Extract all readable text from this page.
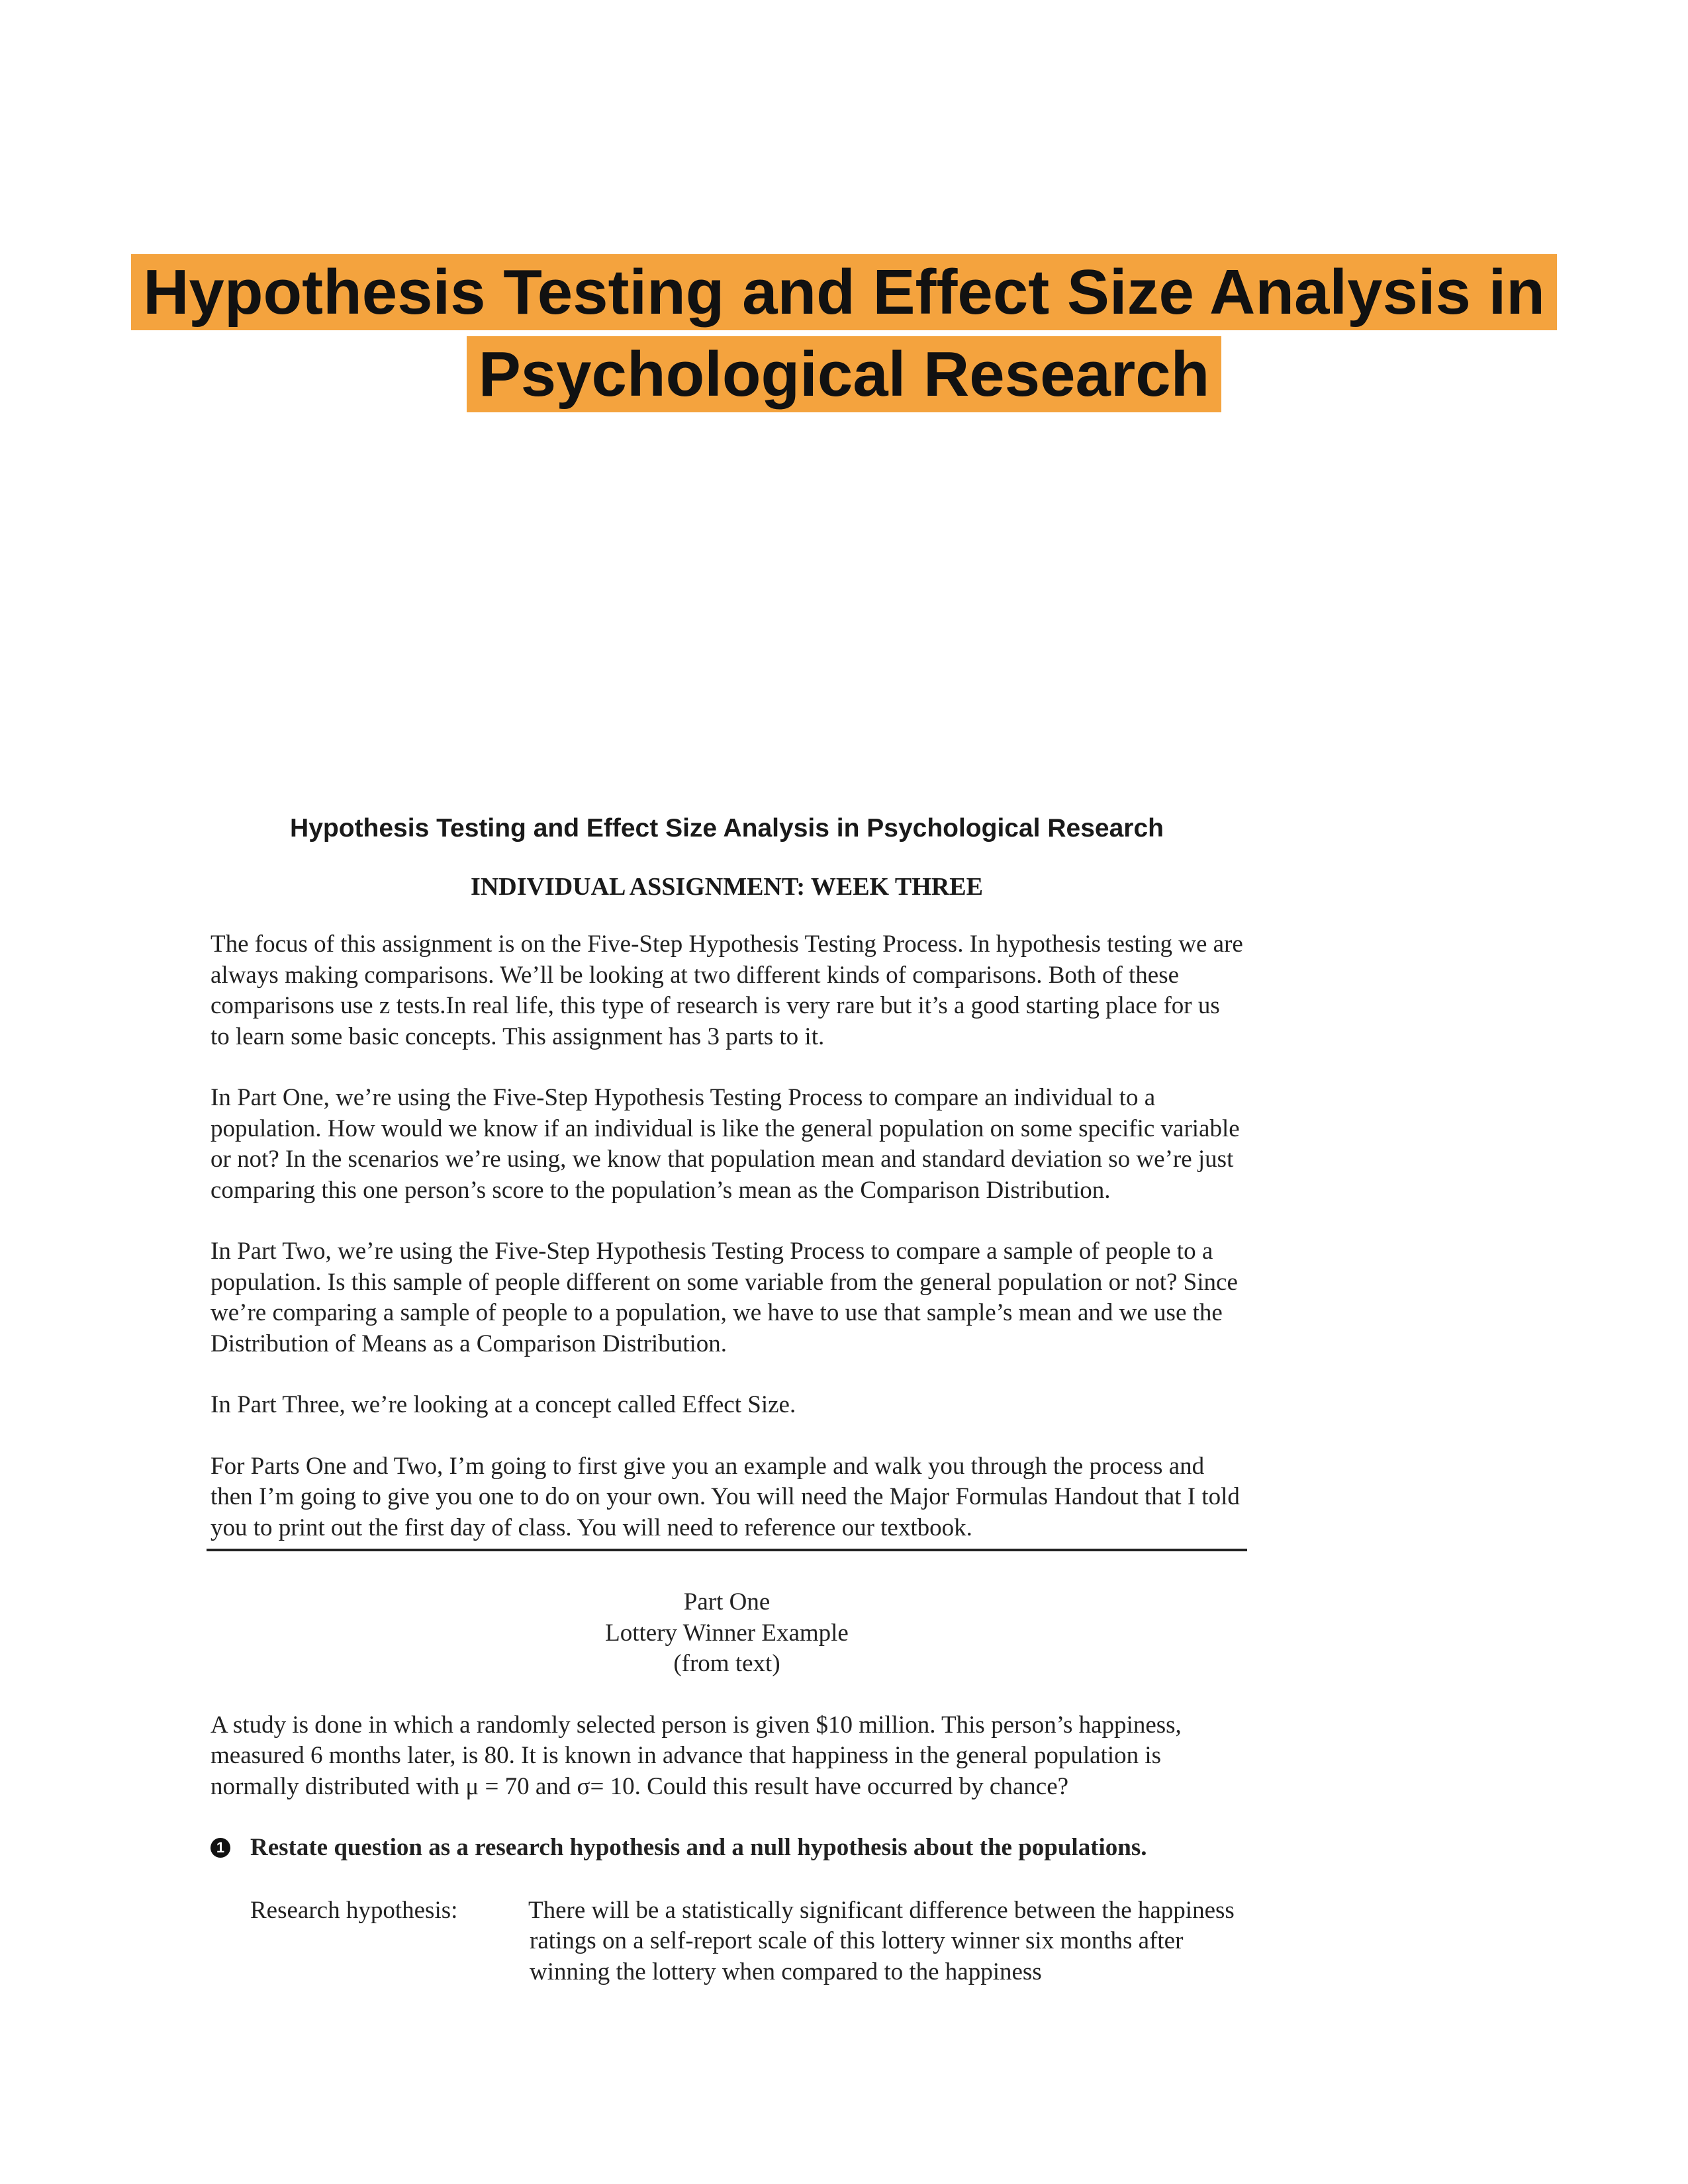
Hypothesis Testing and Effect Size Analysis in
Psychological Research
Hypothesis Testing and Effect Size Analysis in Psychological Research
INDIVIDUAL ASSIGNMENT: WEEK THREE

The focus of this assignment is on the Five-Step Hypothesis Testing Process. In hypothesis testing we are always making comparisons. We’ll be looking at two different kinds of comparisons. Both of these comparisons use z tests.In real life, this type of research is very rare but it’s a good starting place for us to learn some basic concepts. This assignment has 3 parts to it.

In Part One, we’re using the Five-Step Hypothesis Testing Process to compare an individual to a population. How would we know if an individual is like the general population on some specific variable or not? In the scenarios we’re using, we know that population mean and standard deviation so we’re just comparing this one person’s score to the population’s mean as the Comparison Distribution.

In Part Two, we’re using the Five-Step Hypothesis Testing Process to compare a sample of people to a population. Is this sample of people different on some variable from the general population or not? Since we’re comparing a sample of people to a population, we have to use that sample’s mean and we use the Distribution of Means as a Comparison Distribution.

In Part Three, we’re looking at a concept called Effect Size.

For Parts One and Two, I’m going to first give you an example and walk you through the process and then I’m going to give you one to do on your own. You will need the Major Formulas Handout that I told you to print out the first day of class. You will need to reference our textbook.

Part One
Lottery Winner Example
(from text)

A study is done in which a randomly selected person is given $10 million. This person’s happiness, measured 6 months later, is 80. It is known in advance that happiness in the general population is normally distributed with μ = 70 and σ= 10. Could this result have occurred by chance?

1 Restate question as a research hypothesis and a null hypothesis about the populations.
Research hypothesis:	There will be a statistically significant difference between the happiness ratings on a self-report scale of this lottery winner six months after winning the lottery when compared to the happiness
